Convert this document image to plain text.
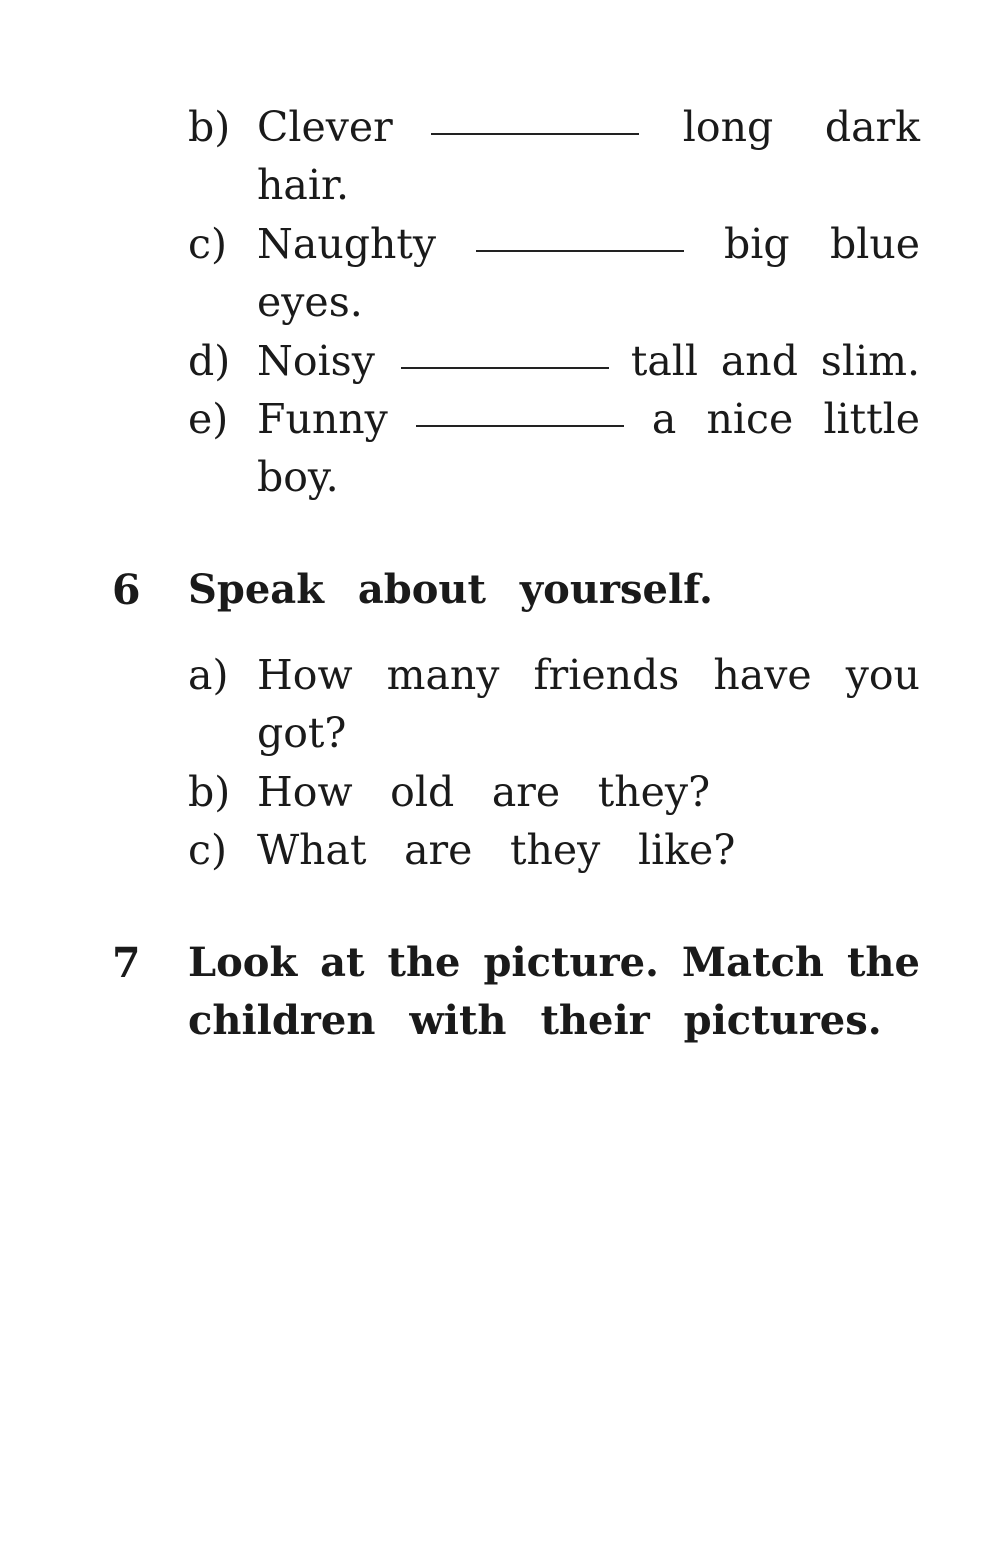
b) Clever	long dark
hair.
c) Naughty	big blue
eyes.
d) Noisy	tall and slim.
e) Funny	a nice little
boy.
6 Speak about yourself.
a) How many friends have you
got?
b) How old are they?
c) What are they like?
7 Look at the picture. Match the
children with their pictures.
